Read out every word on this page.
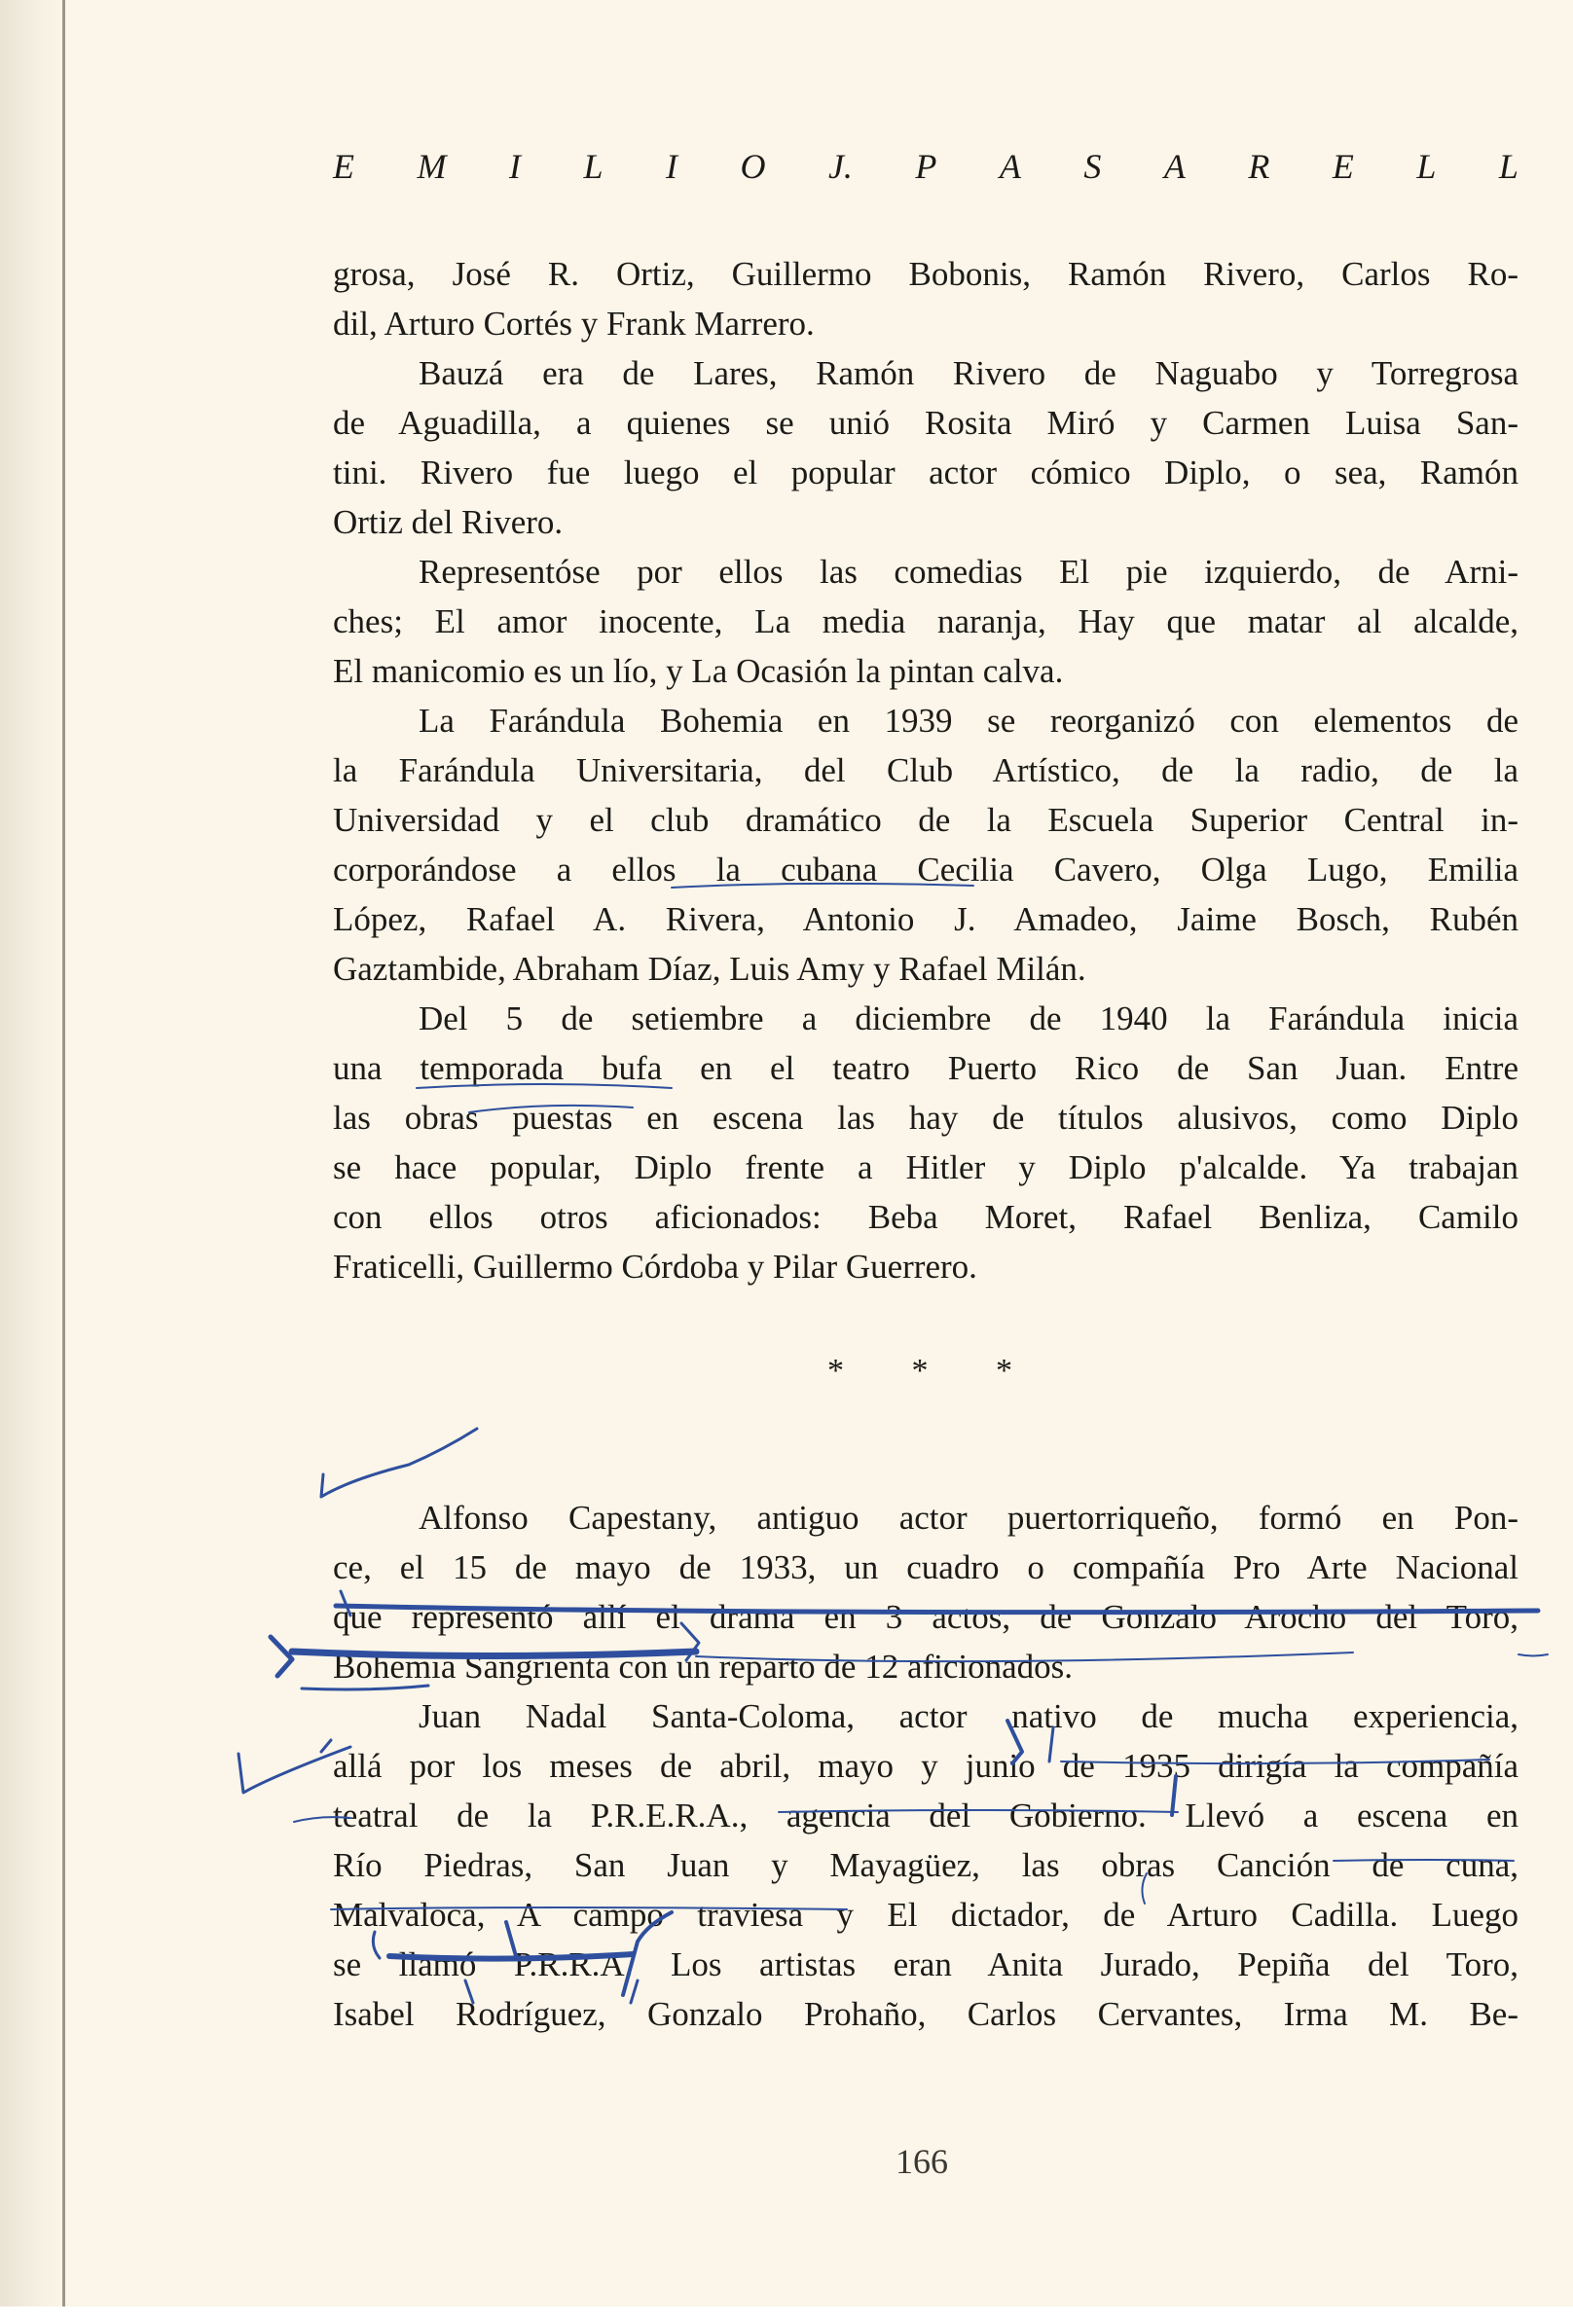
E M I L I O J. P A S A R E L L
grosa, José R. Ortiz, Guillermo Bobonis, Ramón Rivero, Carlos Ro-
dil, Arturo Cortés y Frank Marrero.
Bauzá era de Lares, Ramón Rivero de Naguabo y Torregrosa
de Aguadilla, a quienes se unió Rosita Miró y Carmen Luisa San-
tini. Rivero fue luego el popular actor cómico Diplo, o sea, Ramón
Ortiz del Rivero.
Representóse por ellos las comedias El pie izquierdo, de Arni-
ches; El amor inocente, La media naranja, Hay que matar al alcalde,
El manicomio es un lío, y La Ocasión la pintan calva.
La Farándula Bohemia en 1939 se reorganizó con elementos de
la Farándula Universitaria, del Club Artístico, de la radio, de la
Universidad y el club dramático de la Escuela Superior Central in-
corporándose a ellos la cubana Cecilia Cavero, Olga Lugo, Emilia
López, Rafael A. Rivera, Antonio J. Amadeo, Jaime Bosch, Rubén
Gaztambide, Abraham Díaz, Luis Amy y Rafael Milán.
Del 5 de setiembre a diciembre de 1940 la Farándula inicia
una temporada bufa en el teatro Puerto Rico de San Juan. Entre
las obras puestas en escena las hay de títulos alusivos, como Diplo
se hace popular, Diplo frente a Hitler y Diplo p'alcalde. Ya trabajan
con ellos otros aficionados: Beba Moret, Rafael Benliza, Camilo
Fraticelli, Guillermo Córdoba y Pilar Guerrero.
Alfonso Capestany, antiguo actor puertorriqueño, formó en Pon-
ce, el 15 de mayo de 1933, un cuadro o compañía Pro Arte Nacional
que representó allí el drama en 3 actos, de Gonzalo Arocho del Toro,
Bohemia Sangrienta con un reparto de 12 aficionados.
Juan Nadal Santa-Coloma, actor nativo de mucha experiencia,
allá por los meses de abril, mayo y junio de 1935 dirigía la compañía
teatral de la P.R.E.R.A., agencia del Gobierno. Llevó a escena en
Río Piedras, San Juan y Mayagüez, las obras Canción de cuna,
Malvaloca, A campo traviesa y El dictador, de Arturo Cadilla. Luego
se llamó P.R.R.A. Los artistas eran Anita Jurado, Pepiña del Toro,
Isabel Rodríguez, Gonzalo Prohaño, Carlos Cervantes, Irma M. Be-
* * *
166
